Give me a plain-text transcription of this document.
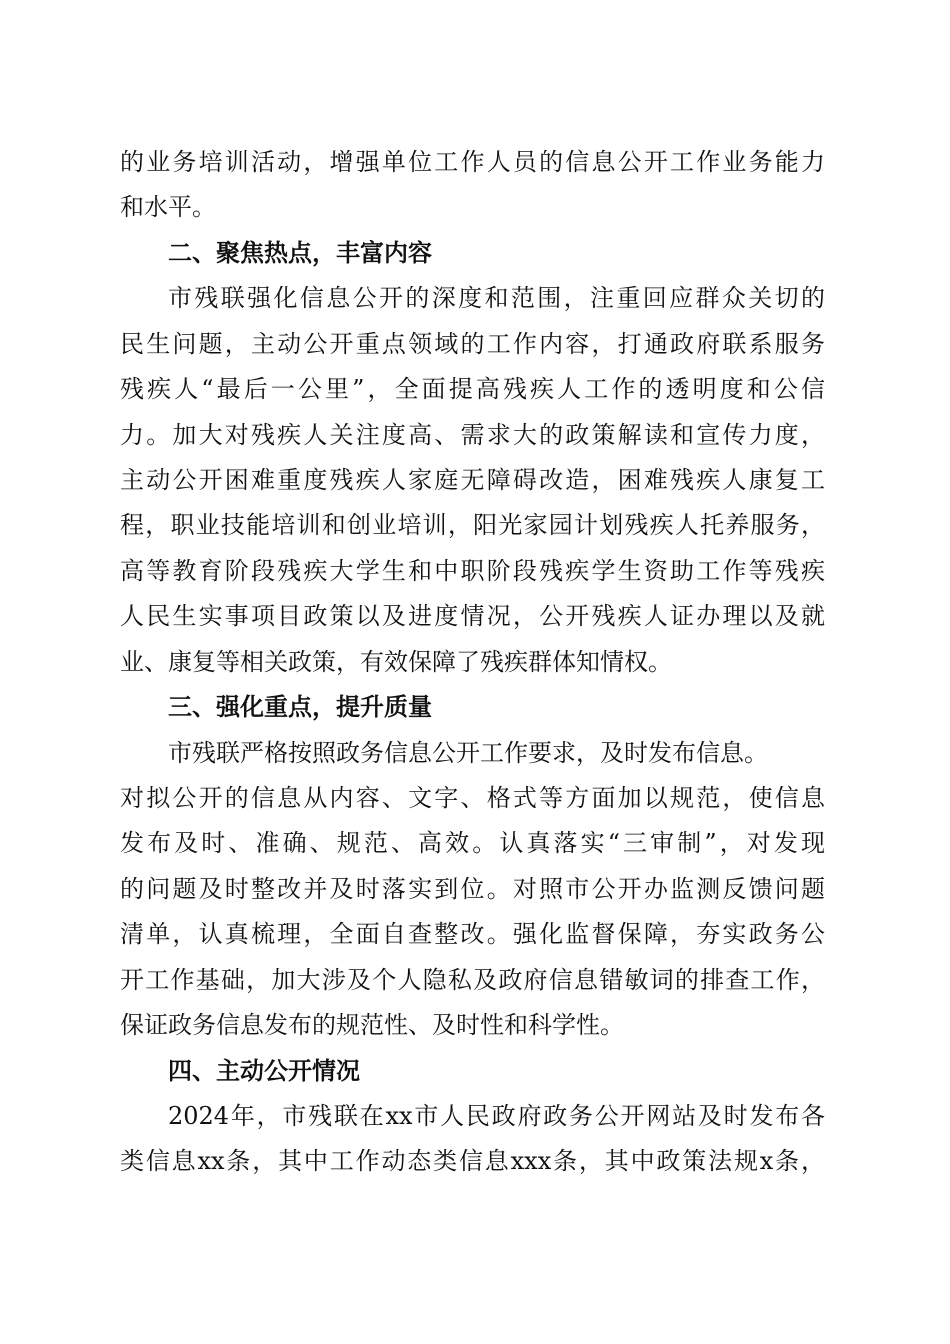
的业务培训活动，增强单位工作人员的信息公开工作业务能力
和水平。
二、聚焦热点，丰富内容
市残联强化信息公开的深度和范围，注重回应群众关切的
民生问题，主动公开重点领域的工作内容，打通政府联系服务
残疾人“最后一公里”，全面提高残疾人工作的透明度和公信
力。加大对残疾人关注度高、需求大的政策解读和宣传力度，
主动公开困难重度残疾人家庭无障碍改造，困难残疾人康复工
程，职业技能培训和创业培训，阳光家园计划残疾人托养服务，
高等教育阶段残疾大学生和中职阶段残疾学生资助工作等残疾
人民生实事项目政策以及进度情况，公开残疾人证办理以及就
业、康复等相关政策，有效保障了残疾群体知情权。
三、强化重点，提升质量
市残联严格按照政务信息公开工作要求，及时发布信息。
对拟公开的信息从内容、文字、格式等方面加以规范，使信息
发布及时、准确、规范、高效。认真落实“三审制”，对发现
的问题及时整改并及时落实到位。对照市公开办监测反馈问题
清单，认真梳理，全面自查整改。强化监督保障，夯实政务公
开工作基础，加大涉及个人隐私及政府信息错敏词的排查工作，
保证政务信息发布的规范性、及时性和科学性。
四、主动公开情况
2024年，市残联在xx市人民政府政务公开网站及时发布各
类信息xx条，其中工作动态类信息xxx条，其中政策法规x条，
